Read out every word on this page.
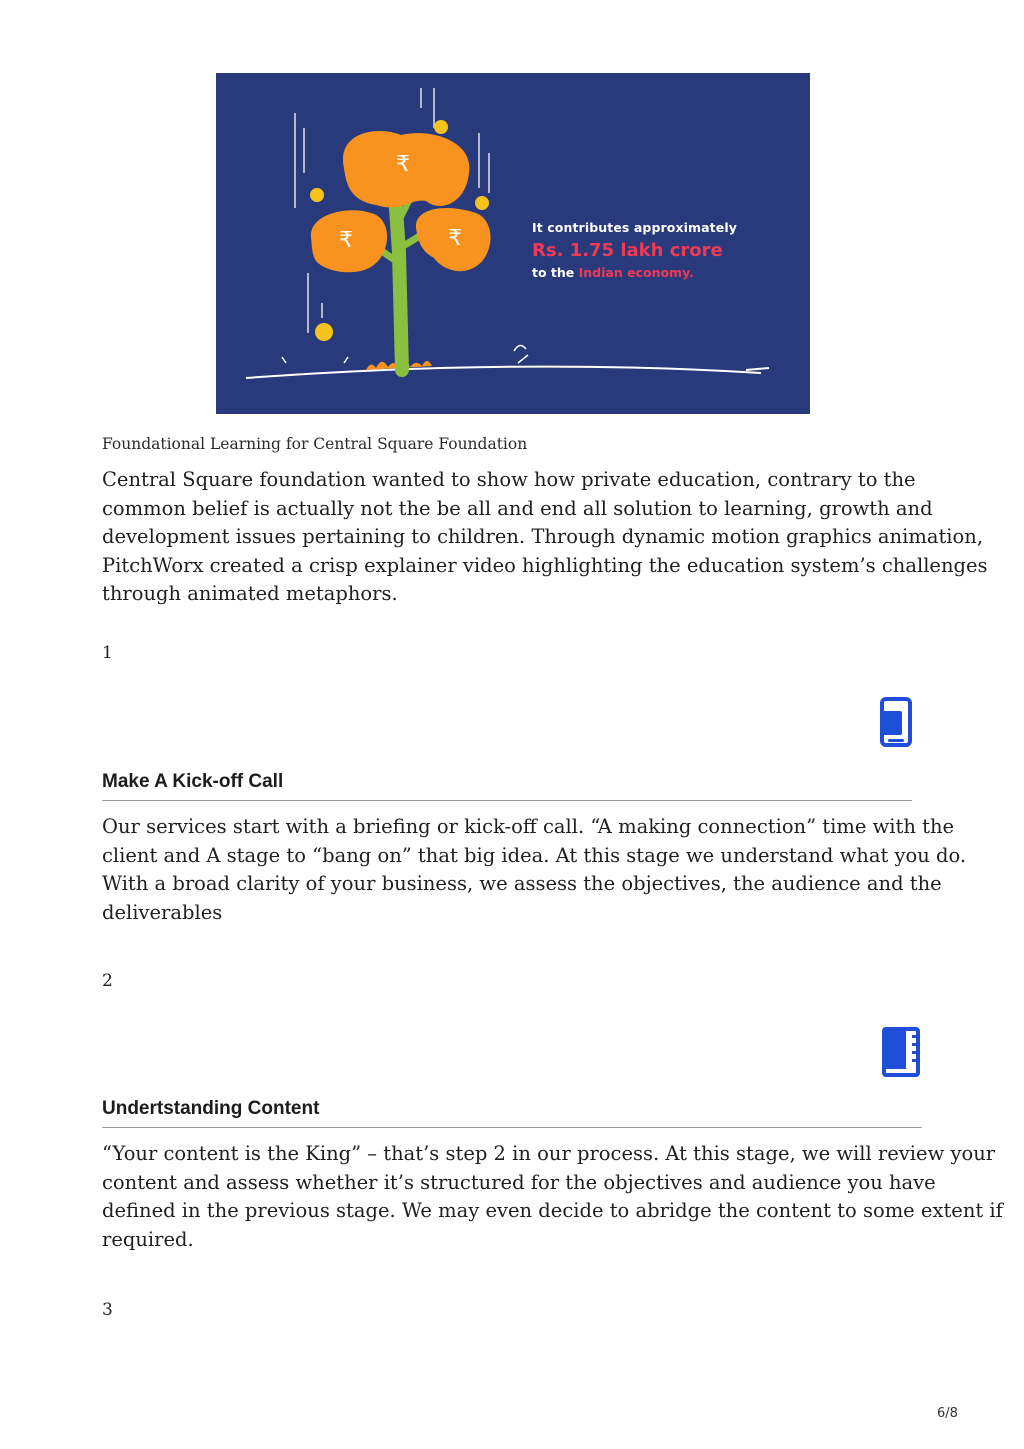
₹
₹	₹	It contributes approximately
Rs. 1.75 lakh crore
to the Indian economy.
Foundational Learning for Central Square Foundation
Central Square foundation wanted to show how private education, contrary to the
common belief is actually not the be all and end all solution to learning, growth and
development issues pertaining to children. Through dynamic motion graphics animation,
PitchWorx created a crisp explainer video highlighting the education system’s challenges
through animated metaphors.
1
Make A Kick-off Call
Our services start with a briefing or kick-off call. “A making connection” time with the
client and A stage to “bang on” that big idea. At this stage we understand what you do.
With a broad clarity of your business, we assess the objectives, the audience and the
deliverables
2
Undertstanding Content
“Your content is the King” – that’s step 2 in our process. At this stage, we will review your
content and assess whether it’s structured for the objectives and audience you have
defined in the previous stage. We may even decide to abridge the content to some extent if
required.
3
6/8
